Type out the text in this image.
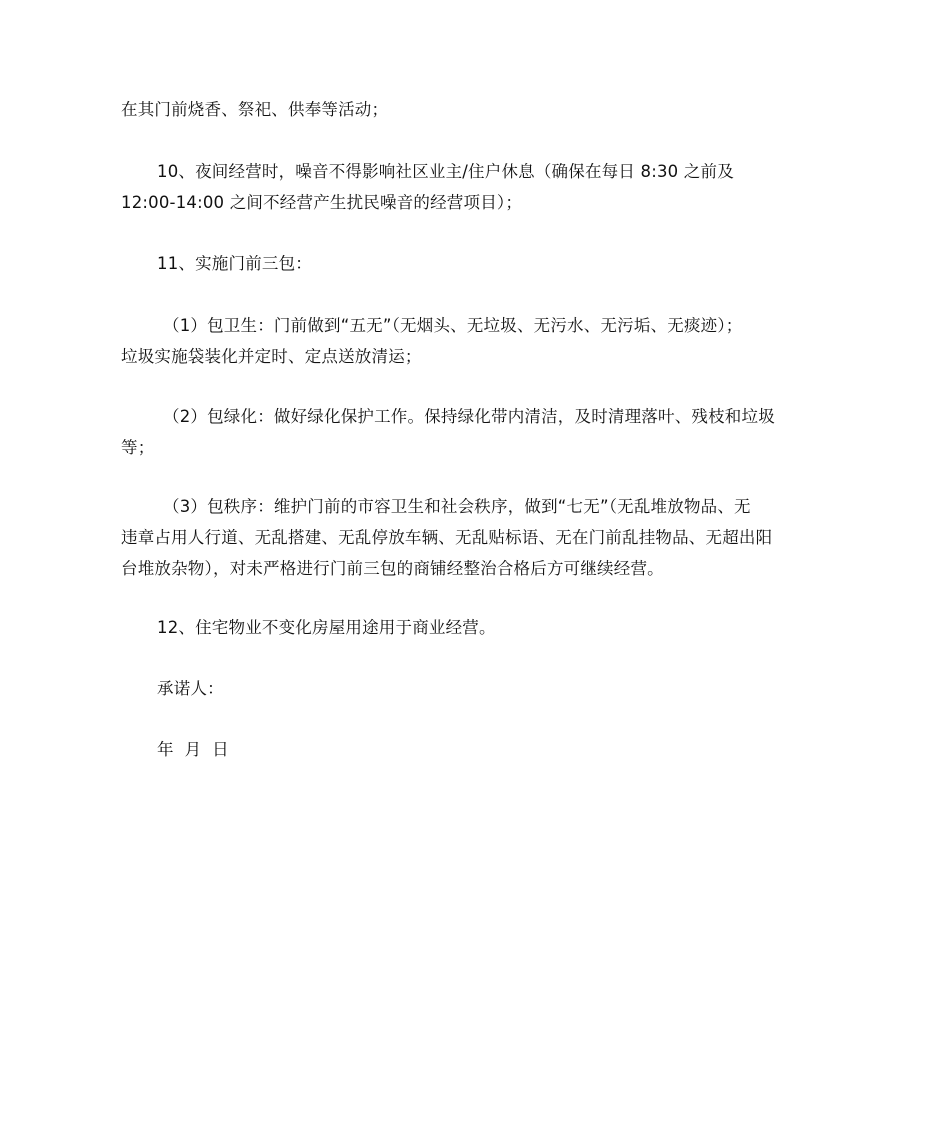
在其门前烧香、祭祀、供奉等活动；
10、夜间经营时，噪音不得影响社区业主/住户休息（确保在每日 8:30 之前及
12:00-14:00 之间不经营产生扰民噪音的经营项目）；
11、实施门前三包：
（1）包卫生：门前做到“五无”（无烟头、无垃圾、无污水、无污垢、无痰迹）；
垃圾实施袋装化并定时、定点送放清运；
（2）包绿化：做好绿化保护工作。保持绿化带内清洁，及时清理落叶、残枝和垃圾
等；
（3）包秩序：维护门前的市容卫生和社会秩序，做到“七无”（无乱堆放物品、无
违章占用人行道、无乱搭建、无乱停放车辆、无乱贴标语、无在门前乱挂物品、无超出阳
台堆放杂物），对未严格进行门前三包的商铺经整治合格后方可继续经营。
12、住宅物业不变化房屋用途用于商业经营。
承诺人：
年  月  日
